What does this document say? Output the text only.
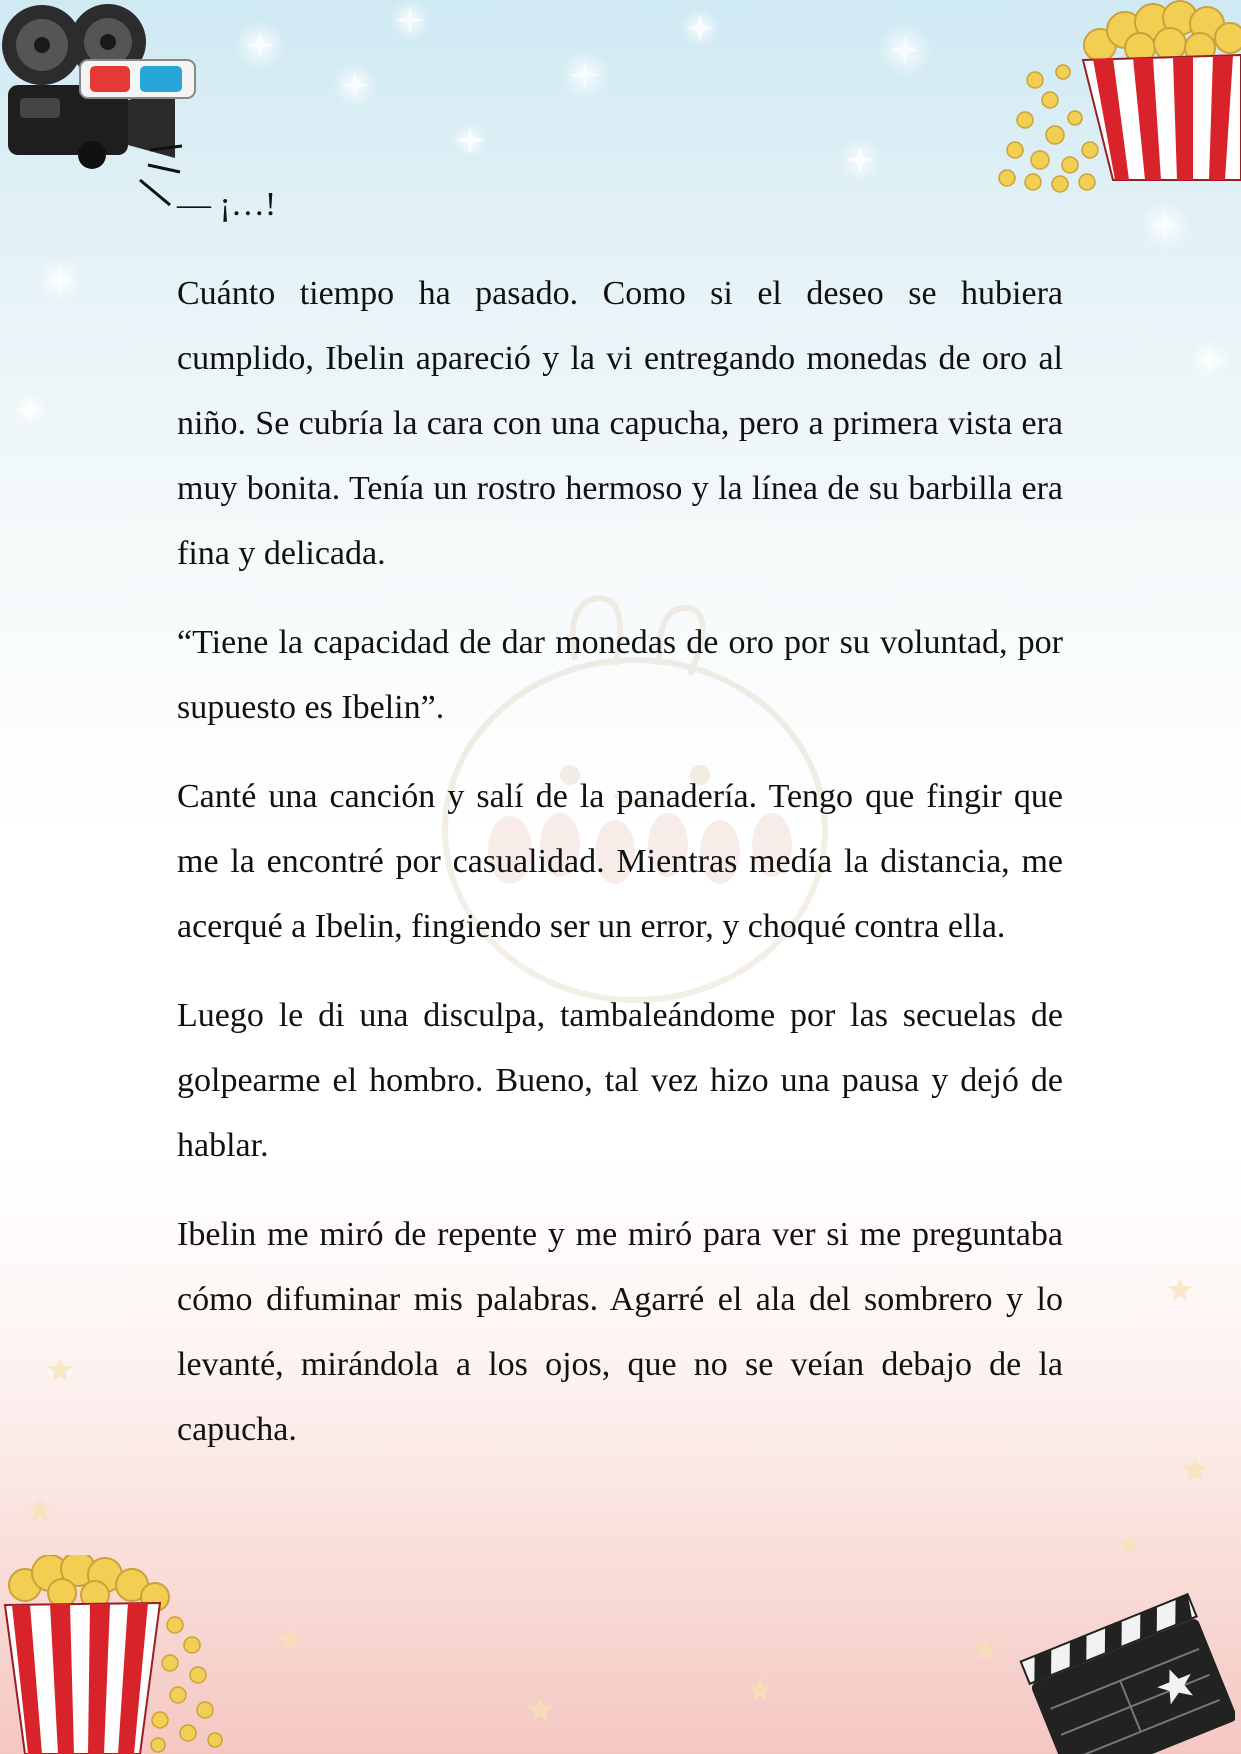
— ¡…!

Cuánto tiempo ha pasado. Como si el deseo se hubiera cumplido, Ibelin apareció y la vi entregando monedas de oro al niño. Se cubría la cara con una capucha, pero a primera vista era muy bonita. Tenía un rostro hermoso y la línea de su barbilla era fina y delicada.

“Tiene la capacidad de dar monedas de oro por su voluntad, por supuesto es Ibelin”.

Canté una canción y salí de la panadería. Tengo que fingir que me la encontré por casualidad. Mientras medía la distancia, me acerqué a Ibelin, fingiendo ser un error, y choqué contra ella.

Luego le di una disculpa, tambaleándome por las secuelas de golpearme el hombro. Bueno, tal vez hizo una pausa y dejó de hablar.

Ibelin me miró de repente y me miró para ver si me preguntaba cómo difuminar mis palabras. Agarré el ala del sombrero y lo levanté, mirándola a los ojos, que no se veían debajo de la capucha.
